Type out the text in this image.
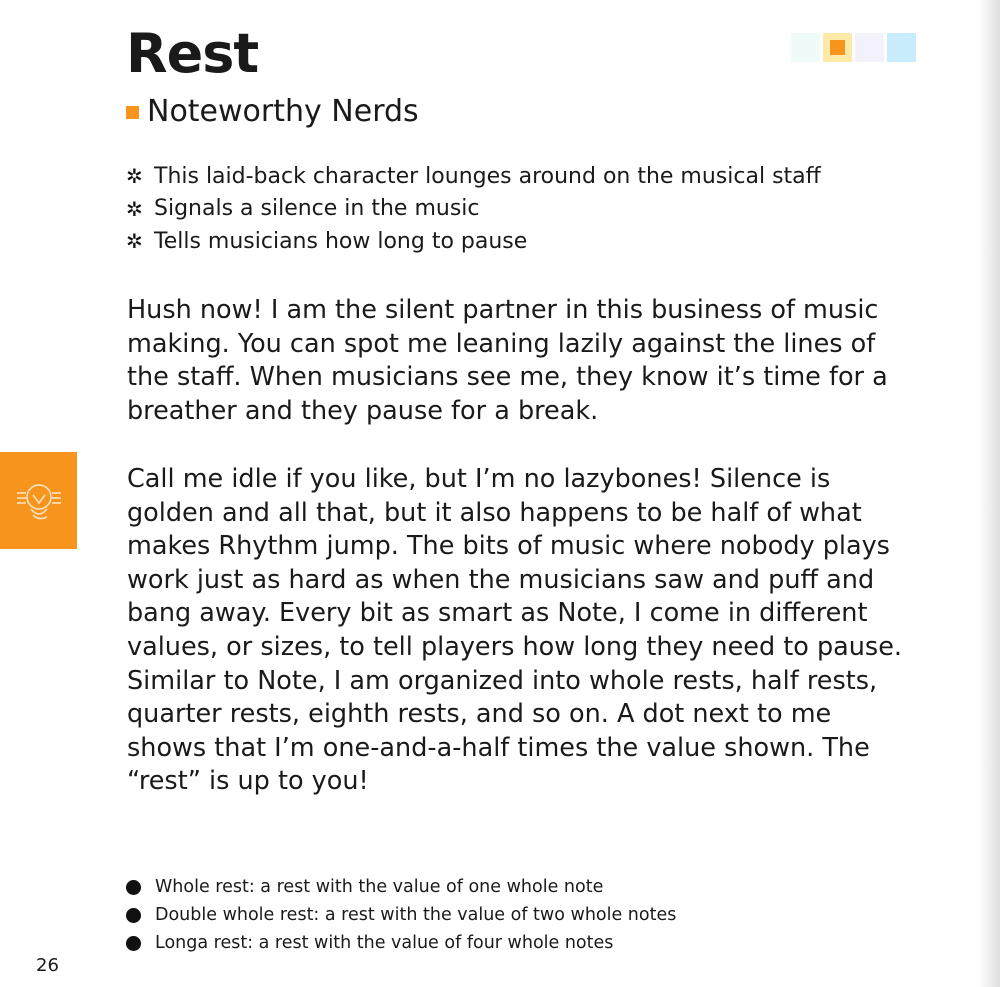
Rest
Noteworthy Nerds
✲ This laid-back character lounges around on the musical staff
✲ Signals a silence in the music
✲ Tells musicians how long to pause

Hush now! I am the silent partner in this business of music making. You can spot me leaning lazily against the lines of the staff. When musicians see me, they know it’s time for a breather and they pause for a break.

Call me idle if you like, but I’m no lazybones! Silence is golden and all that, but it also happens to be half of what makes Rhythm jump. The bits of music where nobody plays work just as hard as when the musicians saw and puff and bang away. Every bit as smart as Note, I come in different values, or sizes, to tell players how long they need to pause. Similar to Note, I am organized into whole rests, half rests, quarter rests, eighth rests, and so on. A dot next to me shows that I’m one-and-a-half times the value shown. The “rest” is up to you!

Whole rest: a rest with the value of one whole note
Double whole rest: a rest with the value of two whole notes
Longa rest: a rest with the value of four whole notes
26
